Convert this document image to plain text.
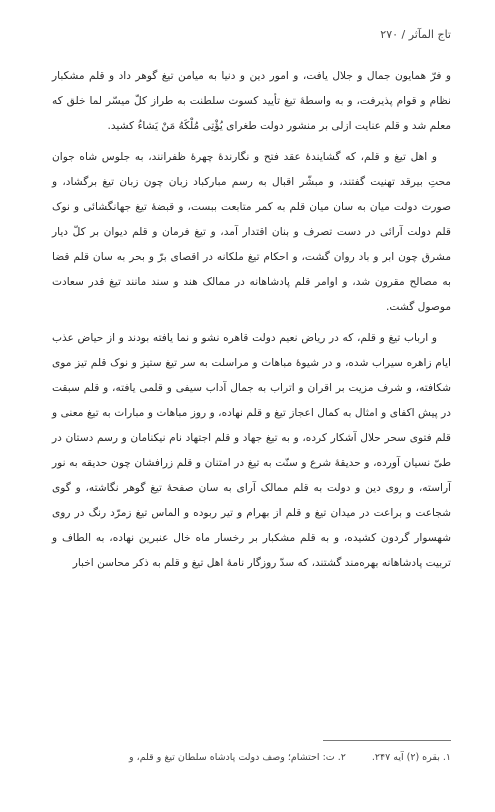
تاج المآثر / ۲۷۰

و فرّ همایون جمال و جلال یافت، و امور دین و دنیا به میامن تیغ گوهر داد و قلم مشکبار نظام و قوام پذیرفت، و به واسطهٔ تیغ تأیید کسوت سلطنت به طراز کلّ میسّر لما خلق که معلم شد و قلم عنایت ازلی بر منشور دولت طغرای یُؤْتِی مُلْکَهُ مَنْ یَشاءُ کشید.

و اهل تیغ و قلم، که گشایندهٔ عقد فتح و نگارندهٔ چهرهٔ ظفرانند، به جلوس شاه جوان محتِ بیرقد تهنیت گفتند، و مبشّر اقبال به رسم مبارکباد زبان چون زبان تیغ برگشاد، و صورت دولت میان به سان میان قلم به کمر متابعت ببست، و قبضهٔ تیغ جهانگشائی و نوک قلم دولت آرائی در دست تصرف و بنان اقتدار آمد، و تیغ فرمان و قلم دیوان بر کلّ دیار مشرق چون ابر و باد روان گشت، و احکام تیغ ملکانه در اقصای برّ و بحر به سان قلم قضا به مصالح مقرون شد، و اوامر قلم پادشاهانه در ممالک هند و سند مانند تیغ قدر سعادت موصول گشت.

و ارباب تیغ و قلم، که در ریاض نعیم دولت قاهره نشو و نما یافته بودند و از حیاض عذب ایام زاهره سیراب شده، و در شیوهٔ مباهات و مراسلت به سر تیغ ستیز و نوک قلم تیز موی شکافته، و شرف مزیت بر اقران و اتراب به جمال آداب سیفی و قلمی یافته، و قلم سبقت در پیش اکفای و امثال به کمال اعجاز تیغ و قلم نهاده، و روز مباهات و مبارات به تیغ معنی و قلم فتوی سحر حلال آشکار کرده، و به تیغ جهاد و قلم اجتهاد نام نیکنامان و رسم دستان در طیّ نسیان آورده، و حدیقهٔ شرع و سنّت به تیغ در امتنان و قلم زرافشان چون حدیقه به نور آراسته، و روی دین و دولت به قلم ممالک آرای به سان صفحهٔ تیغ گوهر نگاشته، و گوی شجاعت و براعت در میدان تیغ و قلم از بهرام و تیر ربوده و الماس تیغ زمرّد رنگ در روی شهسوار گردون کشیده، و به قلم مشکبار بر رخسار ماه خال عنبرین نهاده، به الطاف و تربیت پادشاهانه بهره‌مند گشتند، که سدّ روزگار نامهٔ اهل تیغ و قلم به ذکر محاسن اخبار

۱. بقره (۲) آیه ۲۴۷.
۲. ت: احتشام؛ وصف دولت پادشاه سلطان تیغ و قلم، و
